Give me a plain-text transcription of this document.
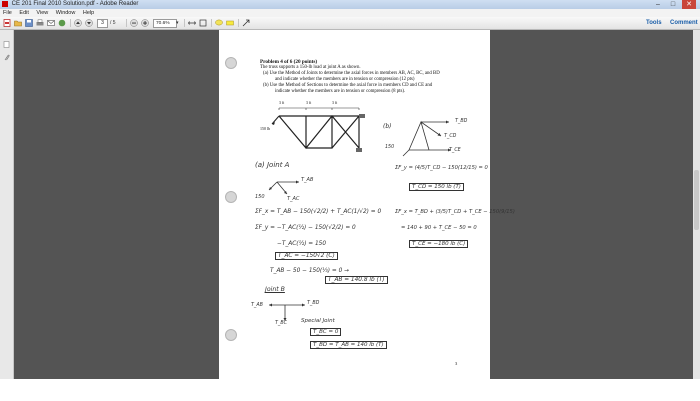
CE 201 Final 2010 Solution.pdf - Adobe Reader	–	□	✕
File Edit View Window Help
3	/ 5	70.6%	▾	Tools Comment
Problem 4 of 6 (20 points)
The truss supports a 150-lb load at joint A as shown.
(a) Use the Method of Joints to determine the axial forces in members AB, AC, BC, and BD
and indicate whether the members are in tension or compression (12 pts)
(b) Use the Method of Sections to determine the axial force in members CD and CE and
indicate whether the members are in tension or compression (8 pts).
3 ft	3 ft	3 ft
150 lb
(a) Joint A
T_AB
T_AC
150
ΣF_x = T_AB − 150(√2/2) + T_AC(1/√2) = 0
ΣF_y = −T_AC(½) − 150(√2/2) = 0
−T_AC(½) = 150
T_AC = −150√2 (C)
T_AB − 50 − 150(⅓) = 0 →
T_AB = 140.8 lb (T)
Joint B
T_AB	T_BD
T_BC	Special Joint
T_BC = 0
T_BD = T_AB = 140 lb (T)
(b)
T_BD
T_CD
T_CE
150
ΣF_y = (4/5)T_CD − 150(12/15) = 0
T_CD = 150 lb (T)
ΣF_x = T_BD + (3/5)T_CD + T_CE − 150(9/15)
= 140 + 90 + T_CE − 50 = 0
T_CE = −180 lb (C)
3
